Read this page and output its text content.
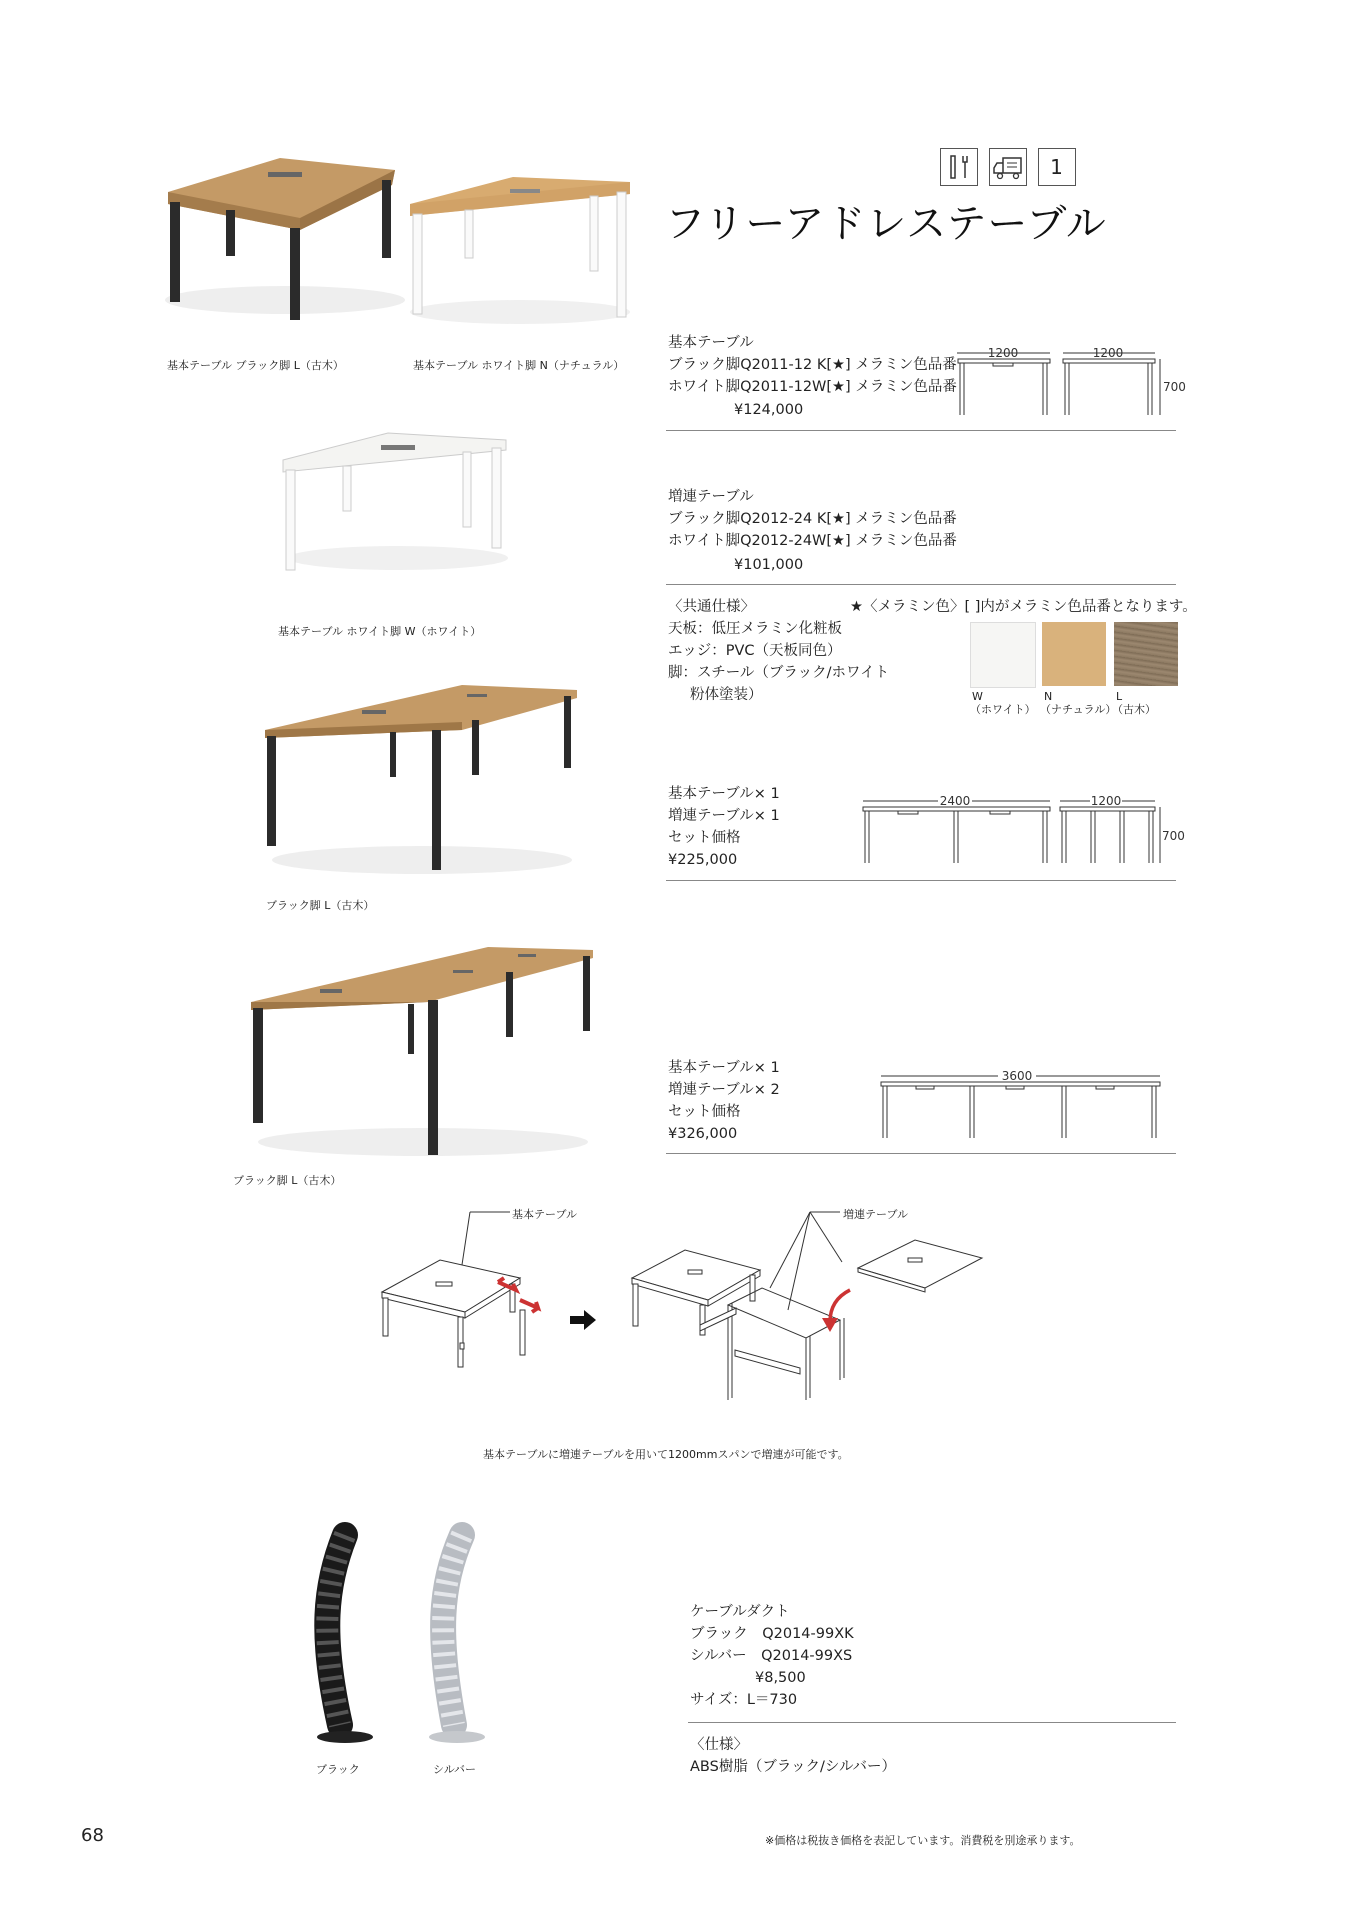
1
フリーアドレステーブル
基本テーブル ブラック脚 L（古木）	基本テーブル ホワイト脚 N（ナチュラル）
基本テーブル ホワイト脚 W（ホワイト）
ブラック脚 L（古木）
ブラック脚 L（古木）
基本テーブル
ブラック脚Q2011-12 K[★] メラミン色品番
ホワイト脚Q2011-12W[★] メラミン色品番
¥124,000
1200	1200
700
増連テーブル
ブラック脚Q2012-24 K[★] メラミン色品番
ホワイト脚Q2012-24W[★] メラミン色品番
¥101,000
〈共通仕様〉	★〈メラミン色〉[ ]内がメラミン色品番となります。
天板：低圧メラミン化粧板
エッジ：PVC（天板同色）
脚：スチール（ブラック/ホワイト
粉体塗装）	W
（ホワイト）
N
（ナチュラル）
L
（古木）
基本テーブル× 1
増連テーブル× 1
セット価格
¥225,000
2400	1200
700
基本テーブル× 1
増連テーブル× 2
セット価格
¥326,000
3600
基本テーブル	増連テーブル
基本テーブルに増連テーブルを用いて1200mmスパンで増連が可能です。
ブラック	シルバー
ケーブルダクト
ブラック　Q2014-99XK
シルバー　Q2014-99XS
¥8,500
サイズ：L＝730
〈仕様〉
ABS樹脂（ブラック/シルバー）
68	※価格は税抜き価格を表記しています。消費税を別途承ります。
